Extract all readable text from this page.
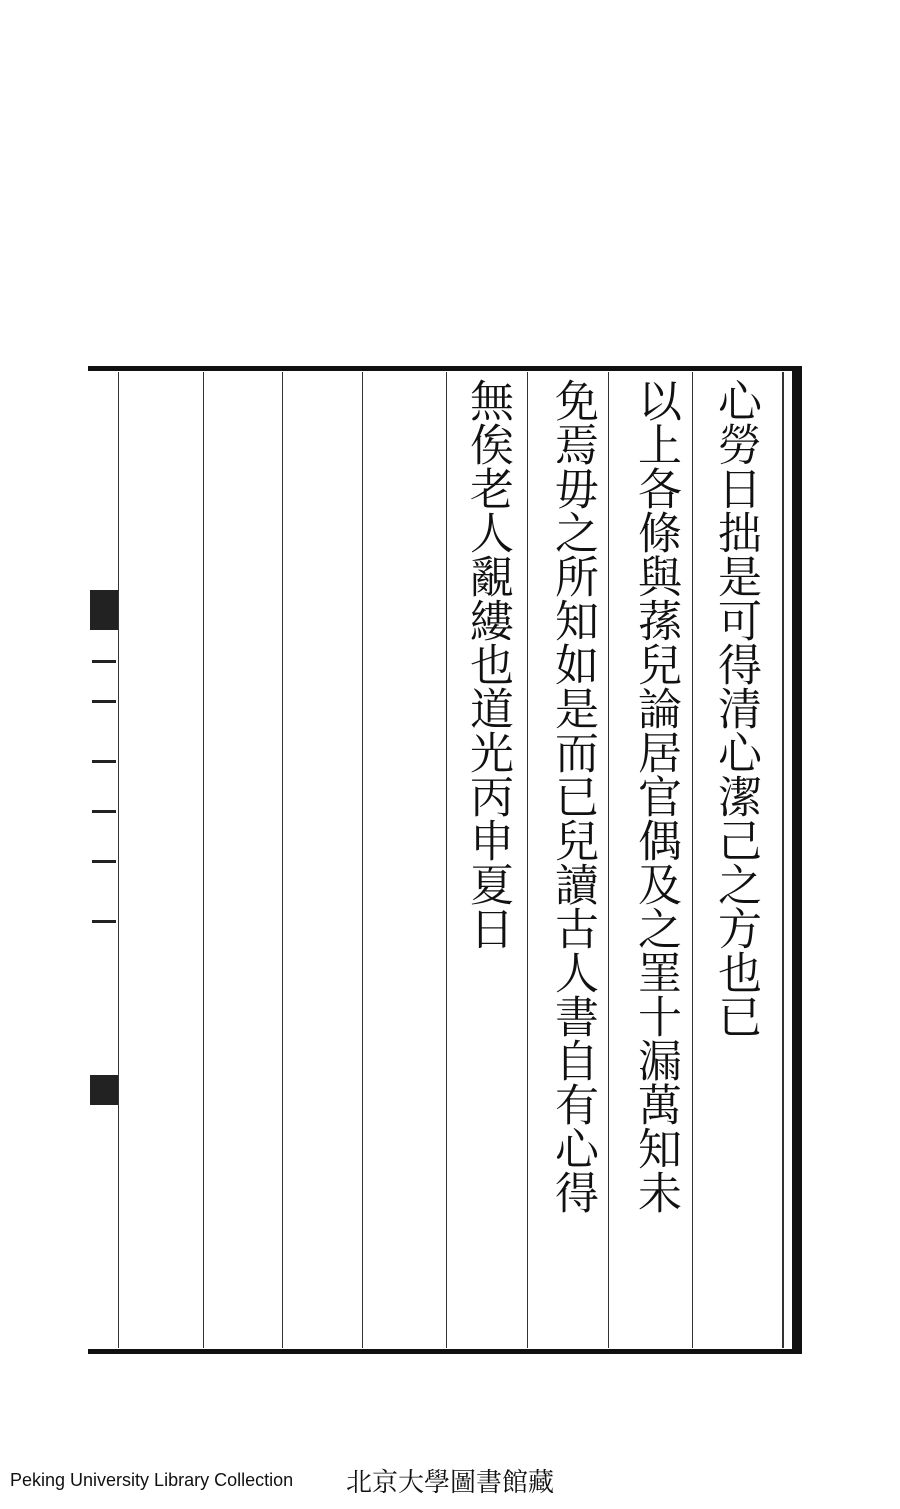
心勞日拙是可得清心潔己之方也已
以上各條與蓀兒論居官偶及之罣十漏萬知未
免焉毋之所知如是而已兒讀古人書自有心得
無俟老人覶縷也道光丙申夏日
Peking University Library Collection 北京大學圖書館藏
